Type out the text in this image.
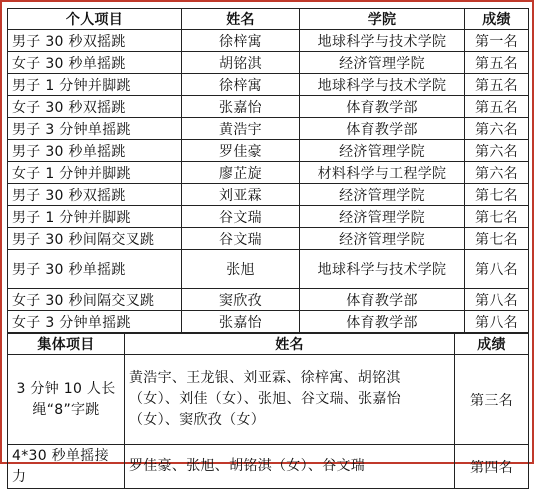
个人项目	姓名	学院	成绩
男子 30 秒双摇跳	徐梓寓	地球科学与技术学院	第一名
女子 30 秒单摇跳	胡铭淇	经济管理学院	第五名
男子 1 分钟并脚跳	徐梓寓	地球科学与技术学院	第五名
女子 30 秒双摇跳	张嘉怡	体育教学部	第五名
男子 3 分钟单摇跳	黄浩宇	体育教学部	第六名
男子 30 秒单摇跳	罗佳豪	经济管理学院	第六名
女子 1 分钟并脚跳	廖芷旋	材料科学与工程学院	第六名
男子 30 秒双摇跳	刘亚霖	经济管理学院	第七名
男子 1 分钟并脚跳	谷文瑞	经济管理学院	第七名
男子 30 秒间隔交叉跳	谷文瑞	经济管理学院	第七名
男子 30 秒单摇跳	张旭	地球科学与技术学院	第八名
女子 30 秒间隔交叉跳	窦欣孜	体育教学部	第八名
女子 3 分钟单摇跳	张嘉怡	体育教学部	第八名
集体项目	姓名	成绩
3 分钟 10 人长绳“8”字跳	黄浩宇、王龙银、刘亚霖、徐梓寓、胡铭淇（女）、刘佳（女）、张旭、谷文瑞、张嘉怡（女）、窦欣孜（女）	第三名
4*30 秒单摇接力	罗佳豪、张旭、胡铭淇（女）、谷文瑞	第四名
